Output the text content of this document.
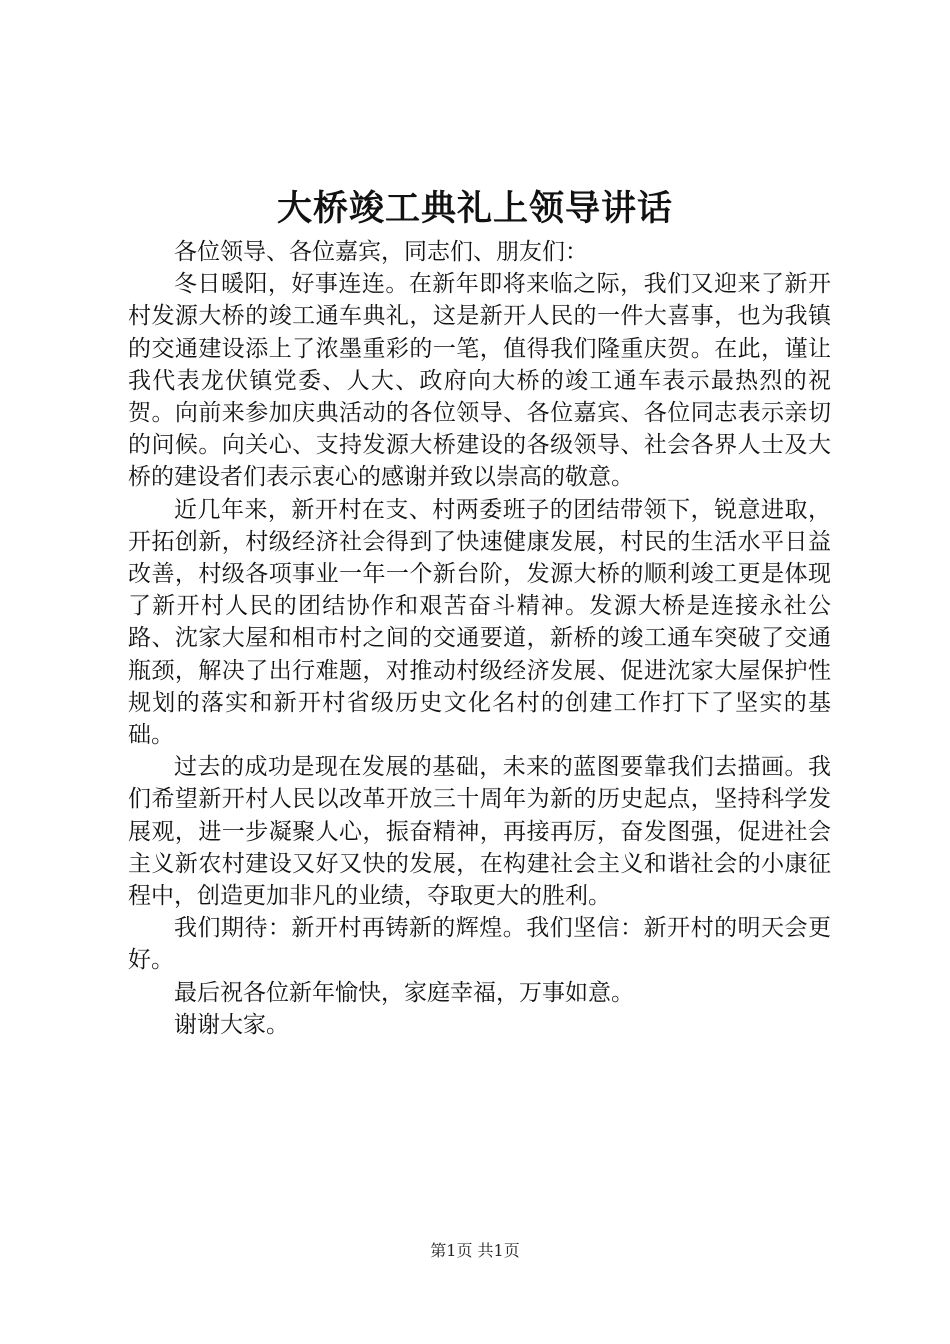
大桥竣工典礼上领导讲话

各位领导、各位嘉宾，同志们、朋友们：

冬日暖阳，好事连连。在新年即将来临之际，我们又迎来了新开村发源大桥的竣工通车典礼，这是新开人民的一件大喜事，也为我镇的交通建设添上了浓墨重彩的一笔，值得我们隆重庆贺。在此，谨让我代表龙伏镇党委、人大、政府向大桥的竣工通车表示最热烈的祝贺。向前来参加庆典活动的各位领导、各位嘉宾、各位同志表示亲切的问候。向关心、支持发源大桥建设的各级领导、社会各界人士及大桥的建设者们表示衷心的感谢并致以崇高的敬意。

近几年来，新开村在支、村两委班子的团结带领下，锐意进取，开拓创新，村级经济社会得到了快速健康发展，村民的生活水平日益改善，村级各项事业一年一个新台阶，发源大桥的顺利竣工更是体现了新开村人民的团结协作和艰苦奋斗精神。发源大桥是连接永社公路、沈家大屋和相市村之间的交通要道，新桥的竣工通车突破了交通瓶颈，解决了出行难题，对推动村级经济发展、促进沈家大屋保护性规划的落实和新开村省级历史文化名村的创建工作打下了坚实的基础。

过去的成功是现在发展的基础，未来的蓝图要靠我们去描画。我们希望新开村人民以改革开放三十周年为新的历史起点，坚持科学发展观，进一步凝聚人心，振奋精神，再接再厉，奋发图强，促进社会主义新农村建设又好又快的发展，在构建社会主义和谐社会的小康征程中，创造更加非凡的业绩，夺取更大的胜利。

我们期待：新开村再铸新的辉煌。我们坚信：新开村的明天会更好。

最后祝各位新年愉快，家庭幸福，万事如意。

谢谢大家。

第1页 共1页
